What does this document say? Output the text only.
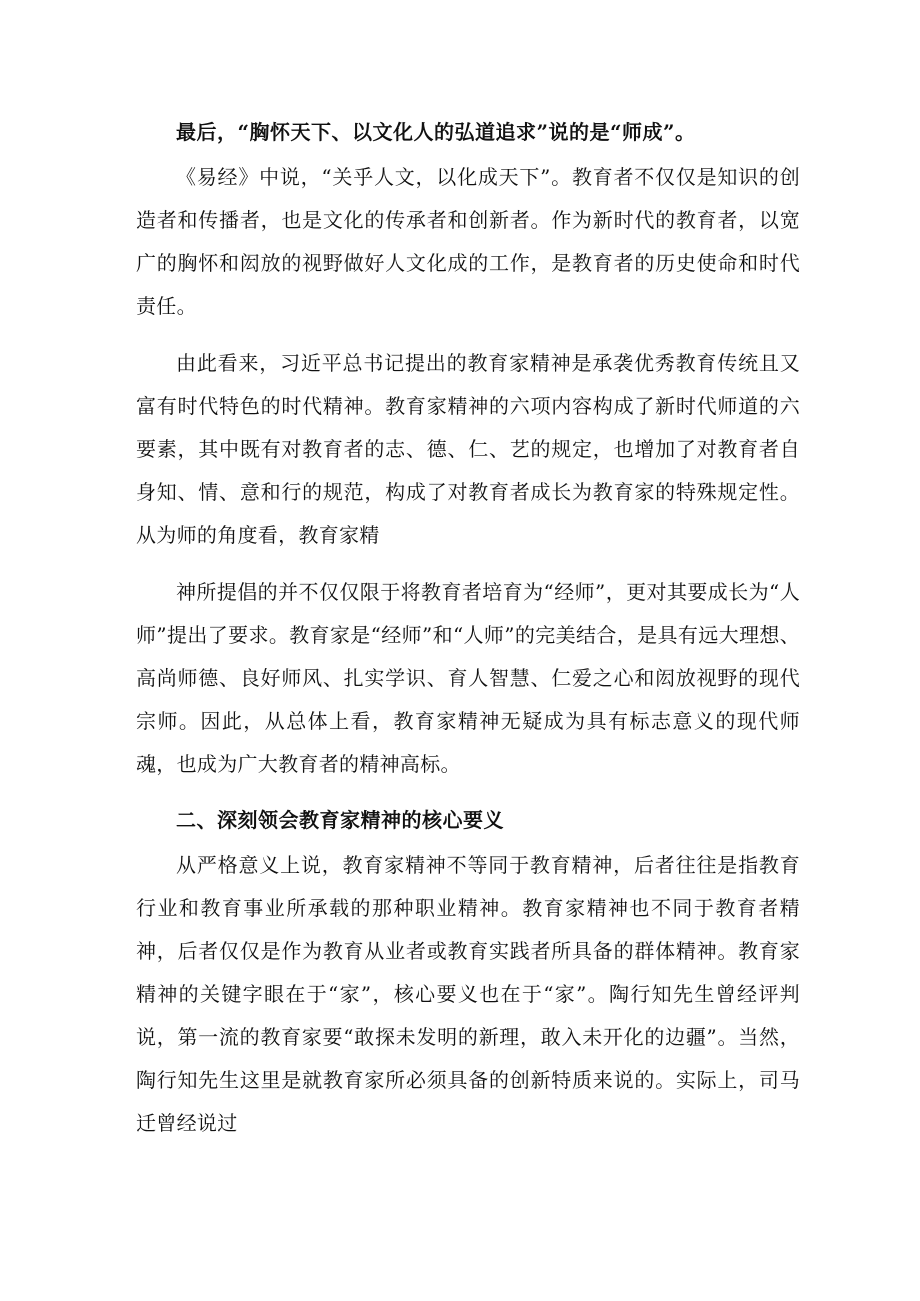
最后，“胸怀天下、以文化人的弘道追求”说的是“师成”。

《易经》中说，“关乎人文，以化成天下”。教育者不仅仅是知识的创造者和传播者，也是文化的传承者和创新者。作为新时代的教育者，以宽广的胸怀和闳放的视野做好人文化成的工作，是教育者的历史使命和时代责任。

由此看来，习近平总书记提出的教育家精神是承袭优秀教育传统且又富有时代特色的时代精神。教育家精神的六项内容构成了新时代师道的六要素，其中既有对教育者的志、德、仁、艺的规定，也增加了对教育者自身知、情、意和行的规范，构成了对教育者成长为教育家的特殊规定性。从为师的角度看，教育家精

神所提倡的并不仅仅限于将教育者培育为“经师”，更对其要成长为“人师”提出了要求。教育家是“经师”和“人师”的完美结合，是具有远大理想、高尚师德、良好师风、扎实学识、育人智慧、仁爱之心和闳放视野的现代宗师。因此，从总体上看，教育家精神无疑成为具有标志意义的现代师魂，也成为广大教育者的精神高标。

二、深刻领会教育家精神的核心要义

从严格意义上说，教育家精神不等同于教育精神，后者往往是指教育行业和教育事业所承载的那种职业精神。教育家精神也不同于教育者精神，后者仅仅是作为教育从业者或教育实践者所具备的群体精神。教育家精神的关键字眼在于“家”，核心要义也在于“家”。陶行知先生曾经评判说，第一流的教育家要“敢探未发明的新理，敢入未开化的边疆”。当然，陶行知先生这里是就教育家所必须具备的创新特质来说的。实际上，司马迁曾经说过
